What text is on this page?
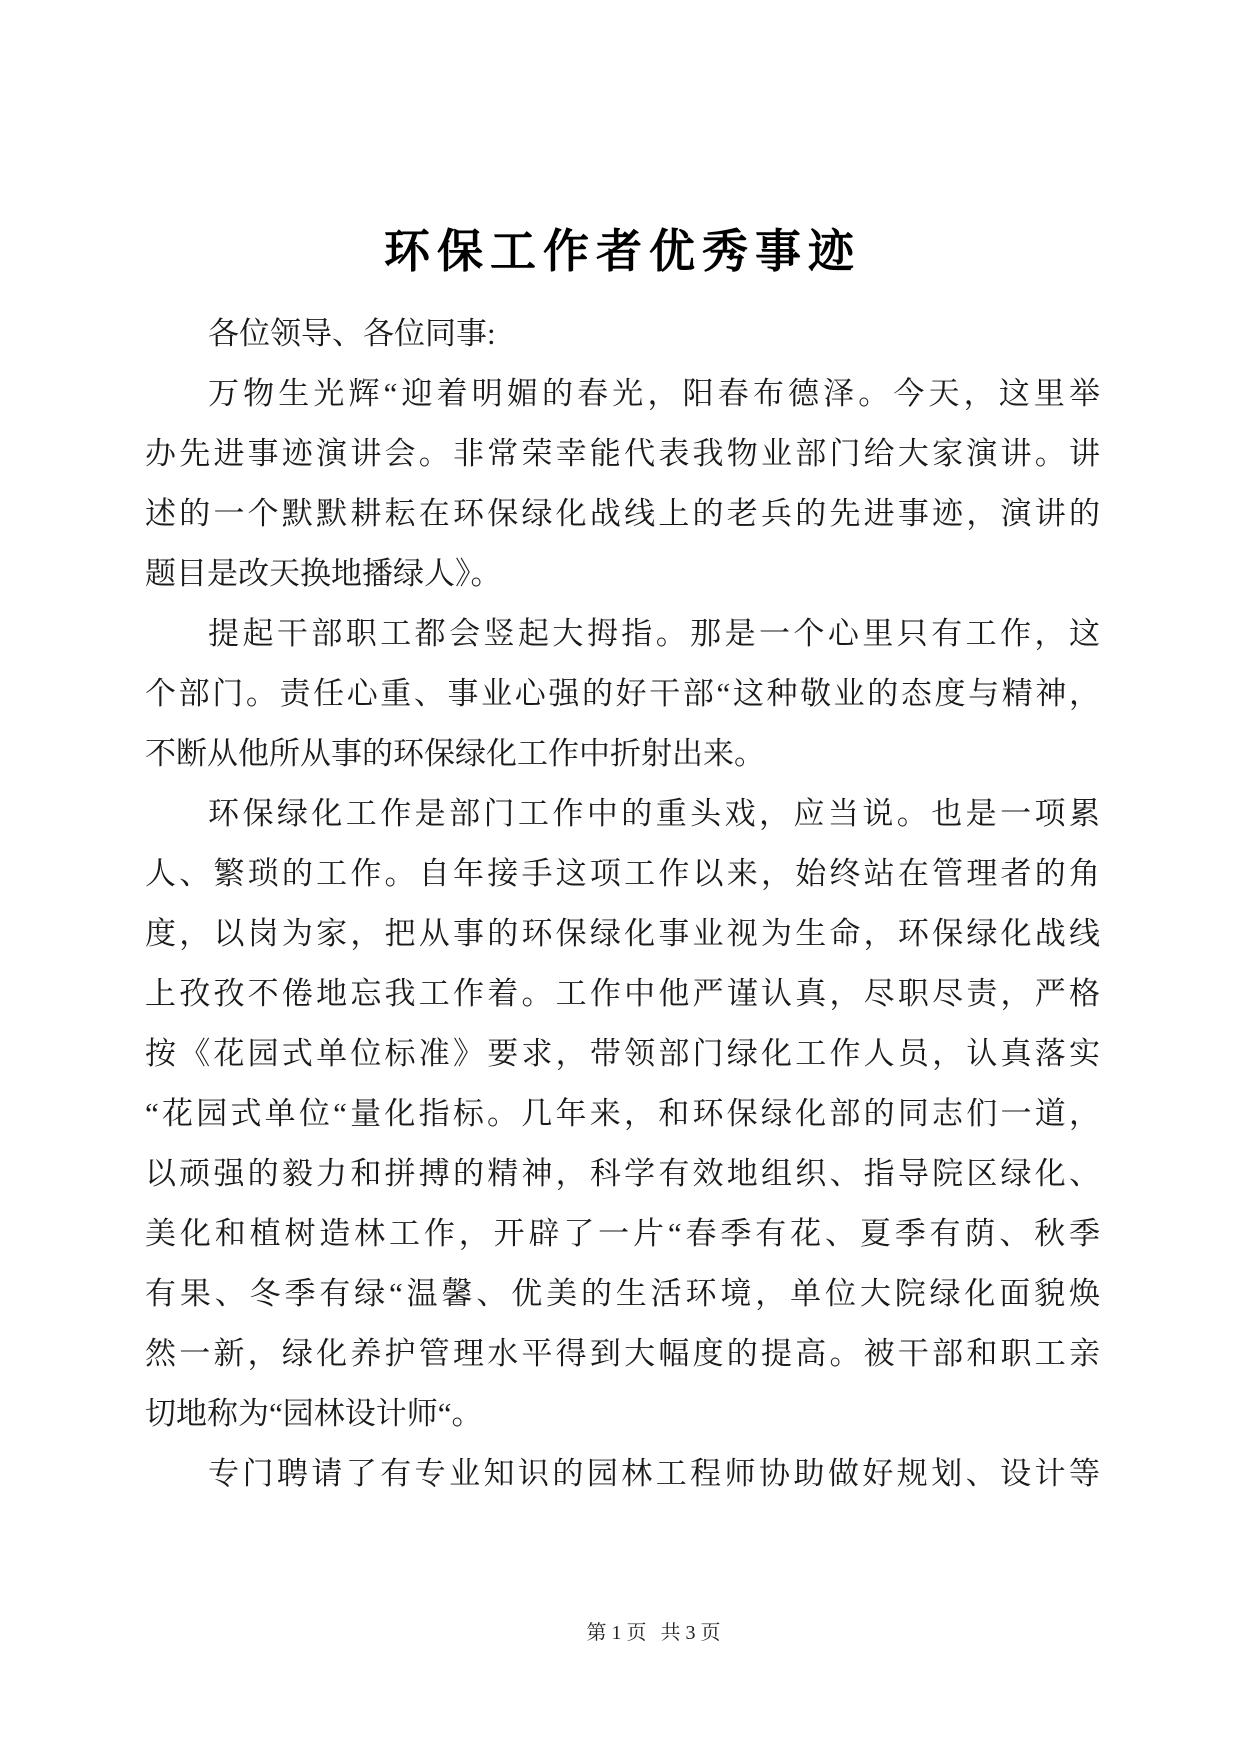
环保工作者优秀事迹
各位领导、各位同事:
万物生光辉“迎着明媚的春光，阳春布德泽。今天，这里举
办先进事迹演讲会。非常荣幸能代表我物业部门给大家演讲。讲
述的一个默默耕耘在环保绿化战线上的老兵的先进事迹，演讲的
题目是改天换地播绿人》。
提起干部职工都会竖起大拇指。那是一个心里只有工作，这
个部门。责任心重、事业心强的好干部“这种敬业的态度与精神，
不断从他所从事的环保绿化工作中折射出来。
环保绿化工作是部门工作中的重头戏，应当说。也是一项累
人、繁琐的工作。自年接手这项工作以来，始终站在管理者的角
度，以岗为家，把从事的环保绿化事业视为生命，环保绿化战线
上孜孜不倦地忘我工作着。工作中他严谨认真，尽职尽责，严格
按《花园式单位标准》要求，带领部门绿化工作人员，认真落实
“花园式单位“量化指标。几年来，和环保绿化部的同志们一道，
以顽强的毅力和拼搏的精神，科学有效地组织、指导院区绿化、
美化和植树造林工作，开辟了一片“春季有花、夏季有荫、秋季
有果、冬季有绿“温馨、优美的生活环境，单位大院绿化面貌焕
然一新，绿化养护管理水平得到大幅度的提高。被干部和职工亲
切地称为“园林设计师“。
专门聘请了有专业知识的园林工程师协助做好规划、设计等
第 1 页 共 3 页
